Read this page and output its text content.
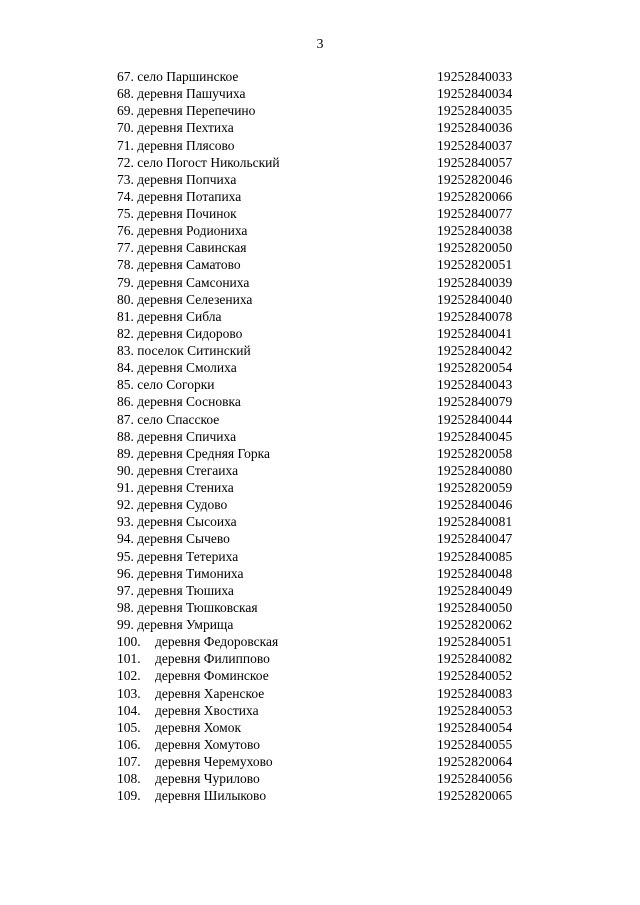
3
67. село Паршинское	19252840033
68. деревня Пашучиха	19252840034
69. деревня Перепечино	19252840035
70. деревня Пехтиха	19252840036
71. деревня Плясово	19252840037
72. село Погост Никольский	19252840057
73. деревня Попчиха	19252820046
74. деревня Потапиха	19252820066
75. деревня Починок	19252840077
76. деревня Родиониха	19252840038
77. деревня Савинская	19252820050
78. деревня Саматово	19252820051
79. деревня Самсониха	19252840039
80. деревня Селезениха	19252840040
81. деревня Сибла	19252840078
82. деревня Сидорово	19252840041
83. поселок Ситинский	19252840042
84. деревня Смолиха	19252820054
85. село Согорки	19252840043
86. деревня Сосновка	19252840079
87. село Спасское	19252840044
88. деревня Спичиха	19252840045
89. деревня Средняя Горка	19252820058
90. деревня Стегаиха	19252840080
91. деревня Стениха	19252820059
92. деревня Судово	19252840046
93. деревня Сысоиха	19252840081
94. деревня Сычево	19252840047
95. деревня Тетериха	19252840085
96. деревня Тимониха	19252840048
97. деревня Тюшиха	19252840049
98. деревня Тюшковская	19252840050
99. деревня Умрища	19252820062
100. деревня Федоровская	19252840051
101. деревня Филиппово	19252840082
102. деревня Фоминское	19252840052
103. деревня Харенское	19252840083
104. деревня Хвостиха	19252840053
105. деревня Хомок	19252840054
106. деревня Хомутово	19252840055
107. деревня Черемухово	19252820064
108. деревня Чурилово	19252840056
109. деревня Шилыково	19252820065
